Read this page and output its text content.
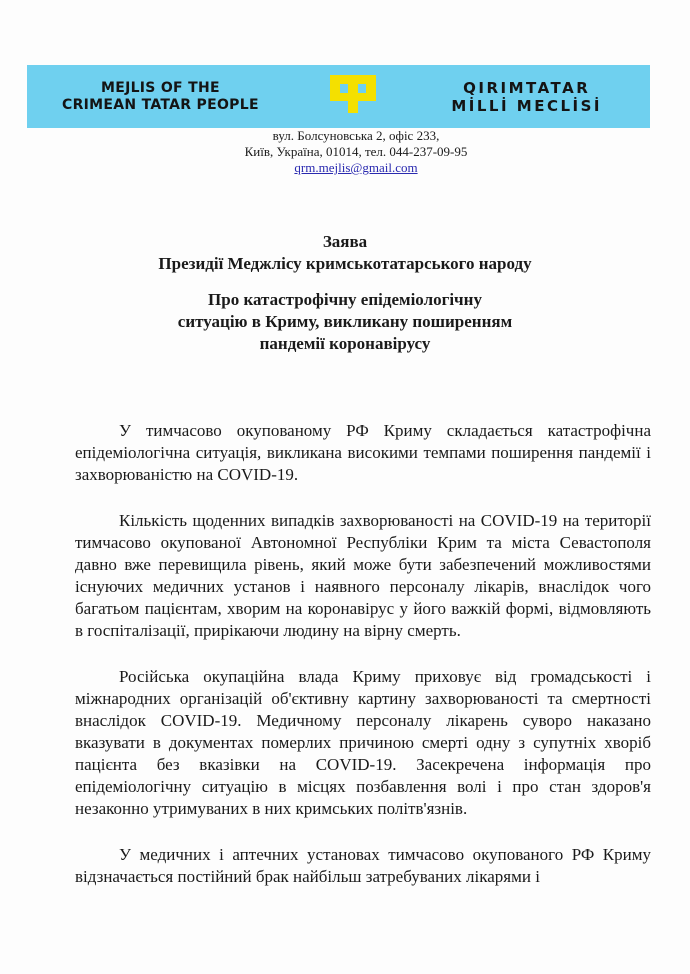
MEJLIS OF THE
CRIMEAN TATAR PEOPLE
QIRIMTATAR
MİLLİ MECLİSİ
вул. Болсуновська 2, офіс 233,
Київ, Україна, 01014, тел. 044-237-09-95
qrm.mejlis@gmail.com
Заява
Президії Меджлісу кримськотатарського народу
Про катастрофічну епідеміологічну
ситуацію в Криму, викликану поширенням
пандемії коронавірусу

У тимчасово окупованому РФ Криму складається катастрофічна епідеміологічна ситуація, викликана високими темпами поширення пандемії і захворюваністю на COVID-19.

Кількість щоденних випадків захворюваності на COVID-19 на території тимчасово окупованої Автономної Республіки Крим та міста Севастополя давно вже перевищила рівень, який може бути забезпечений можливостями існуючих медичних установ і наявного персоналу лікарів, внаслідок чого багатьом пацієнтам, хворим на коронавірус у його важкій формі, відмовляють в госпіталізації, прирікаючи людину на вірну смерть.

Російська окупаційна влада Криму приховує від громадськості і міжнародних організацій об'єктивну картину захворюваності та смертності внаслідок COVID-19. Медичному персоналу лікарень суворо наказано вказувати в документах померлих причиною смерті одну з супутніх хворіб пацієнта без вказівки на COVID-19. Засекречена інформація про епідеміологічну ситуацію в місцях позбавлення волі і про стан здоров'я незаконно утримуваних в них кримських політв'язнів.

У медичних і аптечних установах тимчасово окупованого РФ Криму відзначається постійний брак найбільш затребуваних лікарями і
